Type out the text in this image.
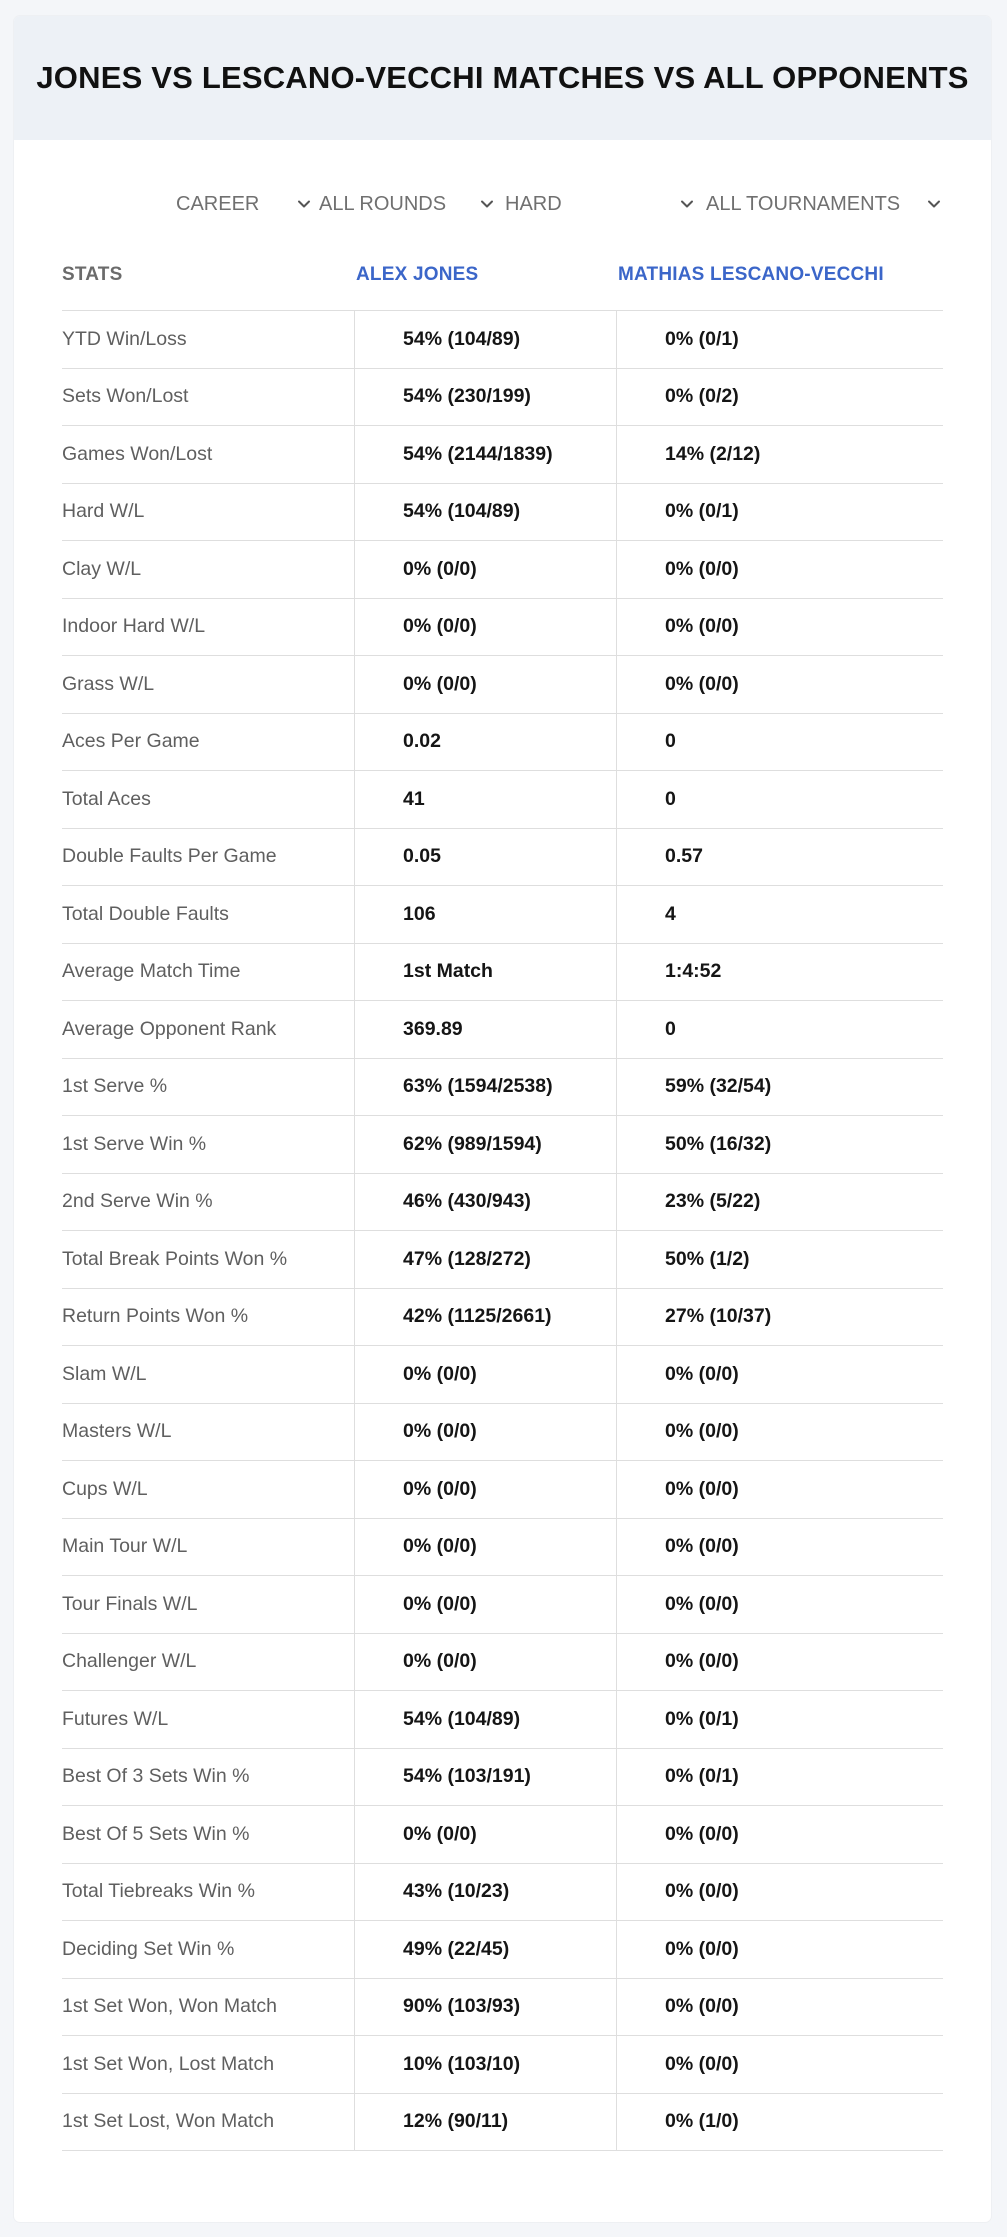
JONES VS LESCANO-VECCHI MATCHES VS ALL OPPONENTS
CAREER	ALL ROUNDS	HARD	ALL TOURNAMENTS
STATS	ALEX JONES	MATHIAS LESCANO-VECCHI
YTD Win/Loss	54% (104/89)	0% (0/1)
Sets Won/Lost	54% (230/199)	0% (0/2)
Games Won/Lost	54% (2144/1839)	14% (2/12)
Hard W/L	54% (104/89)	0% (0/1)
Clay W/L	0% (0/0)	0% (0/0)
Indoor Hard W/L	0% (0/0)	0% (0/0)
Grass W/L	0% (0/0)	0% (0/0)
Aces Per Game	0.02	0
Total Aces	41	0
Double Faults Per Game	0.05	0.57
Total Double Faults	106	4
Average Match Time	1st Match	1:4:52
Average Opponent Rank	369.89	0
1st Serve %	63% (1594/2538)	59% (32/54)
1st Serve Win %	62% (989/1594)	50% (16/32)
2nd Serve Win %	46% (430/943)	23% (5/22)
Total Break Points Won %	47% (128/272)	50% (1/2)
Return Points Won %	42% (1125/2661)	27% (10/37)
Slam W/L	0% (0/0)	0% (0/0)
Masters W/L	0% (0/0)	0% (0/0)
Cups W/L	0% (0/0)	0% (0/0)
Main Tour W/L	0% (0/0)	0% (0/0)
Tour Finals W/L	0% (0/0)	0% (0/0)
Challenger W/L	0% (0/0)	0% (0/0)
Futures W/L	54% (104/89)	0% (0/1)
Best Of 3 Sets Win %	54% (103/191)	0% (0/1)
Best Of 5 Sets Win %	0% (0/0)	0% (0/0)
Total Tiebreaks Win %	43% (10/23)	0% (0/0)
Deciding Set Win %	49% (22/45)	0% (0/0)
1st Set Won, Won Match	90% (103/93)	0% (0/0)
1st Set Won, Lost Match	10% (103/10)	0% (0/0)
1st Set Lost, Won Match	12% (90/11)	0% (1/0)
